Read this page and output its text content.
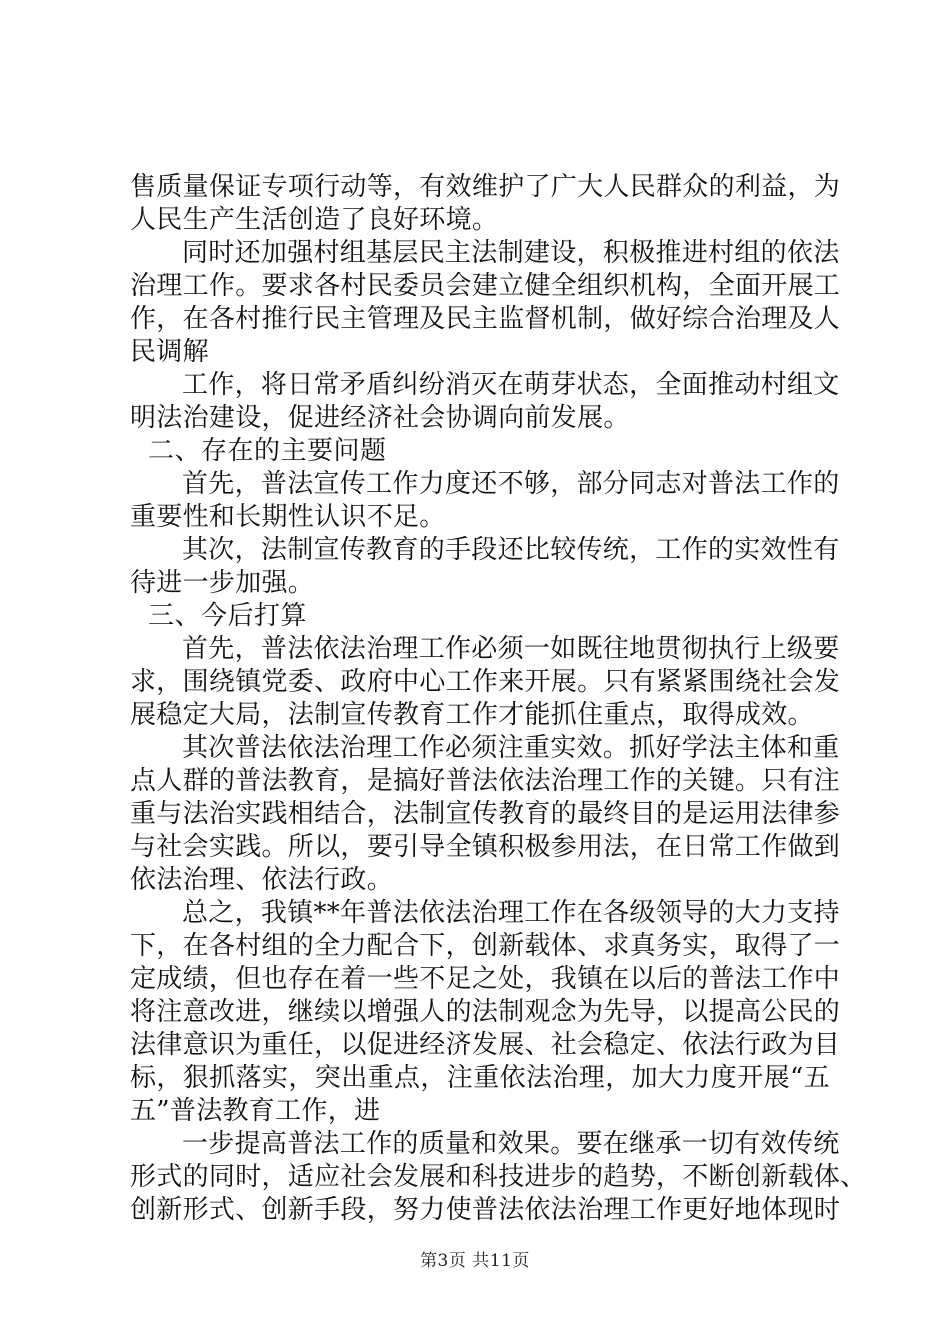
售质量保证专项行动等，有效维护了广大人民群众的利益，为
人民生产生活创造了良好环境。
同时还加强村组基层民主法制建设，积极推进村组的依法
治理工作。要求各村民委员会建立健全组织机构，全面开展工
作，在各村推行民主管理及民主监督机制，做好综合治理及人
民调解
工作，将日常矛盾纠纷消灭在萌芽状态，全面推动村组文
明法治建设，促进经济社会协调向前发展。
二、存在的主要问题
首先，普法宣传工作力度还不够，部分同志对普法工作的
重要性和长期性认识不足。
其次，法制宣传教育的手段还比较传统，工作的实效性有
待进一步加强。
三、今后打算
首先，普法依法治理工作必须一如既往地贯彻执行上级要
求，围绕镇党委、政府中心工作来开展。只有紧紧围绕社会发
展稳定大局，法制宣传教育工作才能抓住重点，取得成效。
其次普法依法治理工作必须注重实效。抓好学法主体和重
点人群的普法教育，是搞好普法依法治理工作的关键。只有注
重与法治实践相结合，法制宣传教育的最终目的是运用法律参
与社会实践。所以，要引导全镇积极参用法，在日常工作做到
依法治理、依法行政。
总之，我镇**年普法依法治理工作在各级领导的大力支持
下，在各村组的全力配合下，创新载体、求真务实，取得了一
定成绩，但也存在着一些不足之处，我镇在以后的普法工作中
将注意改进，继续以增强人的法制观念为先导，以提高公民的
法律意识为重任，以促进经济发展、社会稳定、依法行政为目
标，狠抓落实，突出重点，注重依法治理，加大力度开展“五
五”普法教育工作，进
一步提高普法工作的质量和效果。要在继承一切有效传统
形式的同时，适应社会发展和科技进步的趋势，不断创新载体、
创新形式、创新手段，努力使普法依法治理工作更好地体现时
第3页 共11页
